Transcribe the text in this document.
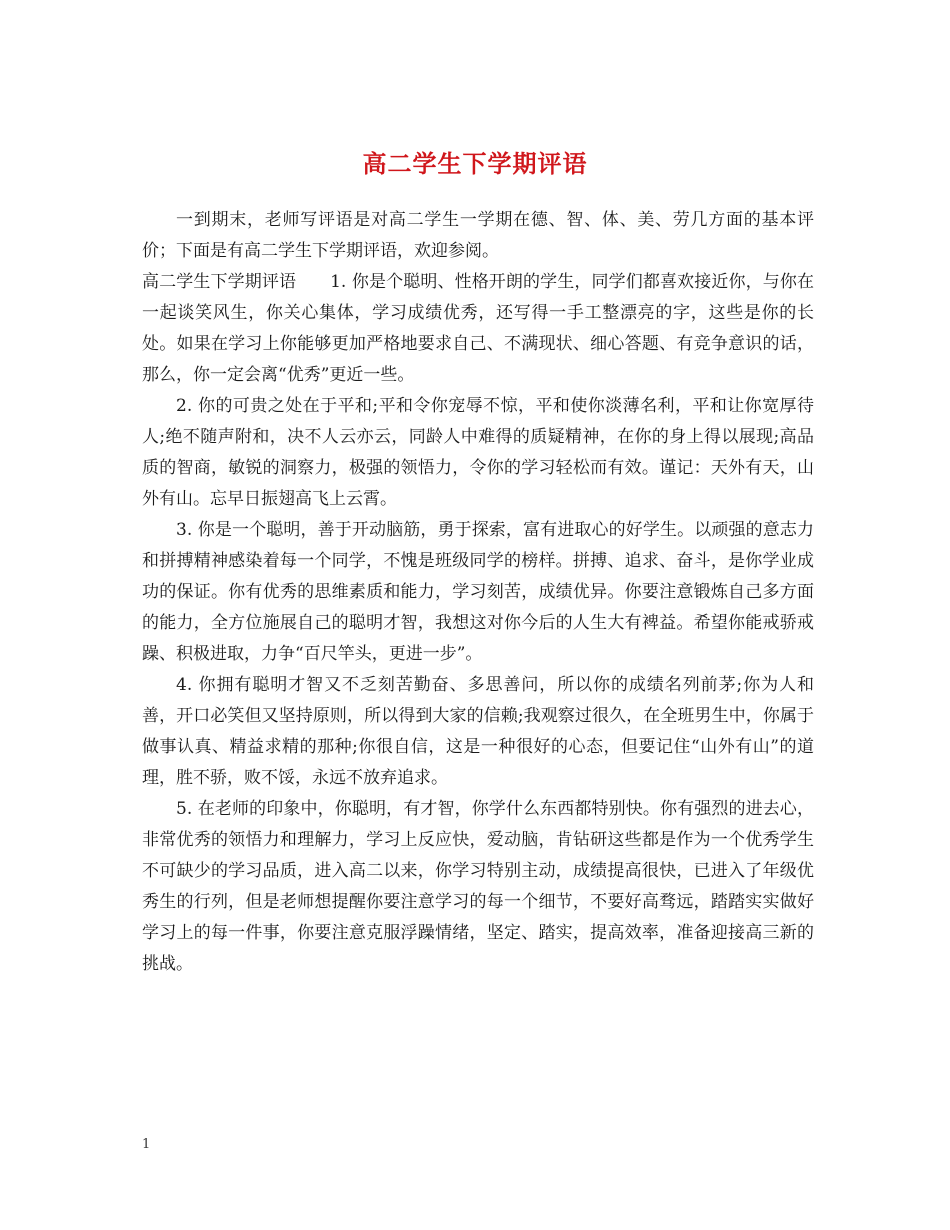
高二学生下学期评语

一到期末，老师写评语是对高二学生一学期在德、智、体、美、劳几方面的基本评价；下面是有高二学生下学期评语，欢迎参阅。

高二学生下学期评语 1. 你是个聪明、性格开朗的学生，同学们都喜欢接近你，与你在一起谈笑风生，你关心集体，学习成绩优秀，还写得一手工整漂亮的字，这些是你的长处。如果在学习上你能够更加严格地要求自己、不满现状、细心答题、有竞争意识的话，那么，你一定会离“优秀”更近一些。

2. 你的可贵之处在于平和;平和令你宠辱不惊，平和使你淡薄名利，平和让你宽厚待人;绝不随声附和，决不人云亦云，同龄人中难得的质疑精神，在你的身上得以展现;高品质的智商，敏锐的洞察力，极强的领悟力，令你的学习轻松而有效。谨记：天外有天，山外有山。忘早日振翅高飞上云霄。

3. 你是一个聪明，善于开动脑筋，勇于探索，富有进取心的好学生。以顽强的意志力和拼搏精神感染着每一个同学，不愧是班级同学的榜样。拼搏、追求、奋斗，是你学业成功的保证。你有优秀的思维素质和能力，学习刻苦，成绩优异。你要注意锻炼自己多方面的能力，全方位施展自己的聪明才智，我想这对你今后的人生大有裨益。希望你能戒骄戒躁、积极进取，力争“百尺竿头，更进一步”。

4. 你拥有聪明才智又不乏刻苦勤奋、多思善问，所以你的成绩名列前茅;你为人和善，开口必笑但又坚持原则，所以得到大家的信赖;我观察过很久，在全班男生中，你属于做事认真、精益求精的那种;你很自信，这是一种很好的心态，但要记住“山外有山”的道理，胜不骄，败不馁，永远不放弃追求。

5. 在老师的印象中，你聪明，有才智，你学什么东西都特别快。你有强烈的进去心，非常优秀的领悟力和理解力，学习上反应快，爱动脑，肯钻研这些都是作为一个优秀学生不可缺少的学习品质，进入高二以来，你学习特别主动，成绩提高很快，已进入了年级优秀生的行列，但是老师想提醒你要注意学习的每一个细节，不要好高骛远，踏踏实实做好学习上的每一件事，你要注意克服浮躁情绪，坚定、踏实，提高效率，准备迎接高三新的挑战。

1
